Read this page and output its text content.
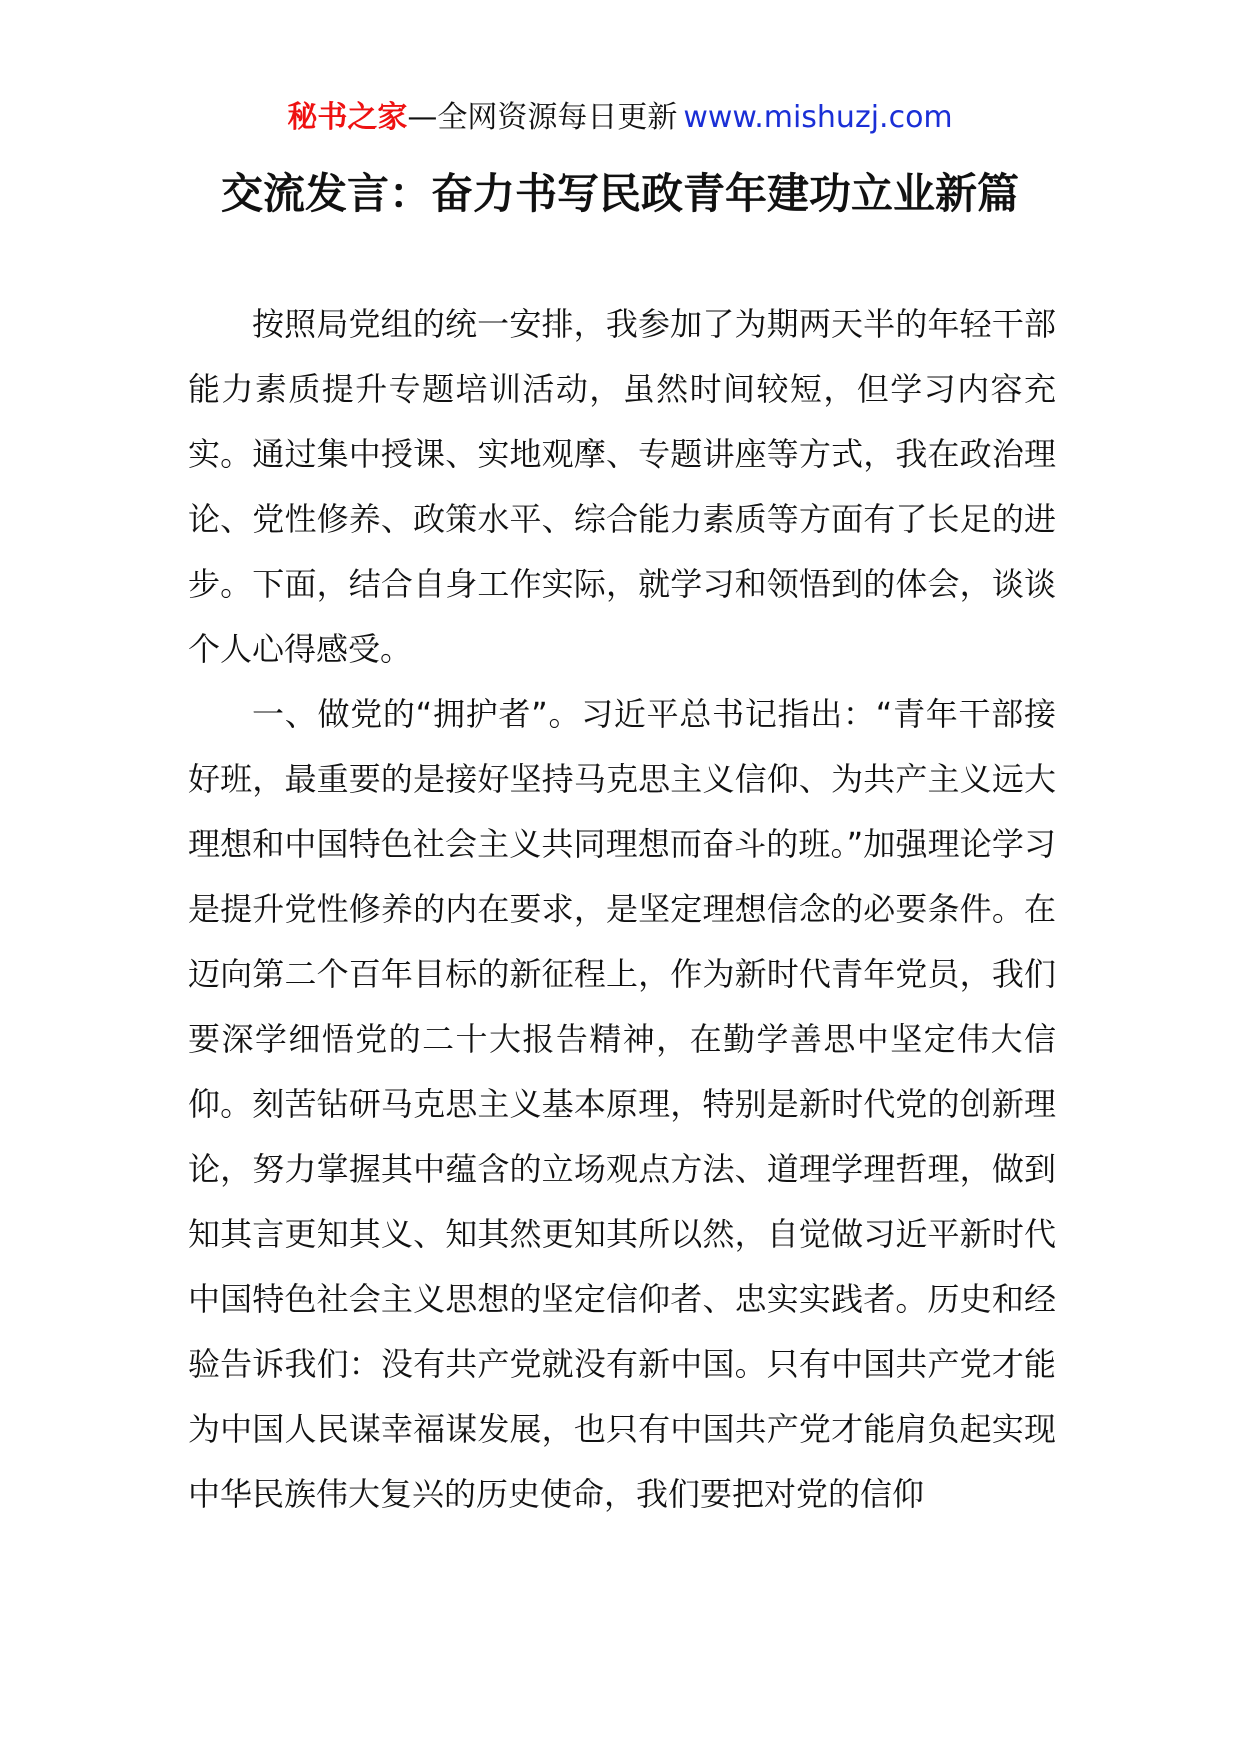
秘书之家—全网资源每日更新 www.mishuzj.com
交流发言：奋力书写民政青年建功立业新篇

按照局党组的统一安排，我参加了为期两天半的年轻干部能力素质提升专题培训活动，虽然时间较短，但学习内容充实。通过集中授课、实地观摩、专题讲座等方式，我在政治理论、党性修养、政策水平、综合能力素质等方面有了长足的进步。下面，结合自身工作实际，就学习和领悟到的体会，谈谈个人心得感受。

一、做党的“拥护者”。习近平总书记指出：“青年干部接好班，最重要的是接好坚持马克思主义信仰、为共产主义远大理想和中国特色社会主义共同理想而奋斗的班。”加强理论学习是提升党性修养的内在要求，是坚定理想信念的必要条件。在迈向第二个百年目标的新征程上，作为新时代青年党员，我们要深学细悟党的二十大报告精神，在勤学善思中坚定伟大信仰。刻苦钻研马克思主义基本原理，特别是新时代党的创新理论，努力掌握其中蕴含的立场观点方法、道理学理哲理，做到知其言更知其义、知其然更知其所以然，自觉做习近平新时代中国特色社会主义思想的坚定信仰者、忠实实践者。历史和经验告诉我们：没有共产党就没有新中国。只有中国共产党才能为中国人民谋幸福谋发展，也只有中国共产党才能肩负起实现中华民族伟大复兴的历史使命，我们要把对党的信仰
